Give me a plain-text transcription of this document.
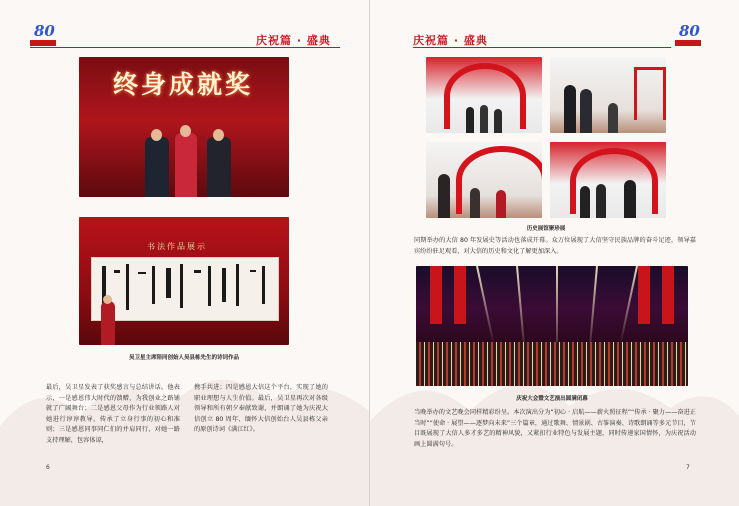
80
庆祝篇 · 盛典
终身成就奖
书法作品展示
吴卫星主席陪同创始人吴县栋先生的诗词作品
最后，吴卫星发表了获奖感言与总结讲话。他表示，一是感恩伟大时代的馈赠，为我创业之路铺就了广阔舞台；二是感恩父母作为行业领路人对她进行谆谆教导，传承了立身行事的初心和准则；三是感恩同事同仁们的并肩同行，对她一路支持理解，包容体谅，
携手共进；四是感恩大信这个平台，实现了她的职业理想与人生价值。最后，吴卫星再次对各级领导和所有朝夕奉献致谢，并朗诵了她为庆祝大信创立 80 周年、缅怀大信创始台人吴县栋父亲的原创诗词《满江红》。
6
庆祝篇 · 盛典
80
历史展馆聚珍展
同期举办的大信 80 年发展史等活动也落成开幕。众万位展现了大信坚守民族品牌的奋斗足迹，领导嘉宾纷纷驻足观看，对大信的历史和文化了解更加深入。
庆祝大会暨文艺演出圆满闭幕
当晚举办的文艺晚会同样精彩纷呈。本次演出分为“初心 · 启航——薪火照征程”“传承 · 聚力——奋进正当时”“使命 · 展望——逐梦向未来”三个篇章，通过歌舞、情景剧、古筝演奏、诗歌朗诵等多元节目，节目既展现了大信人多才多艺的精神风貌，又紧扣行业特色与发展主题，同时传递家国情怀，为庆祝活动画上圆满句号。
7
